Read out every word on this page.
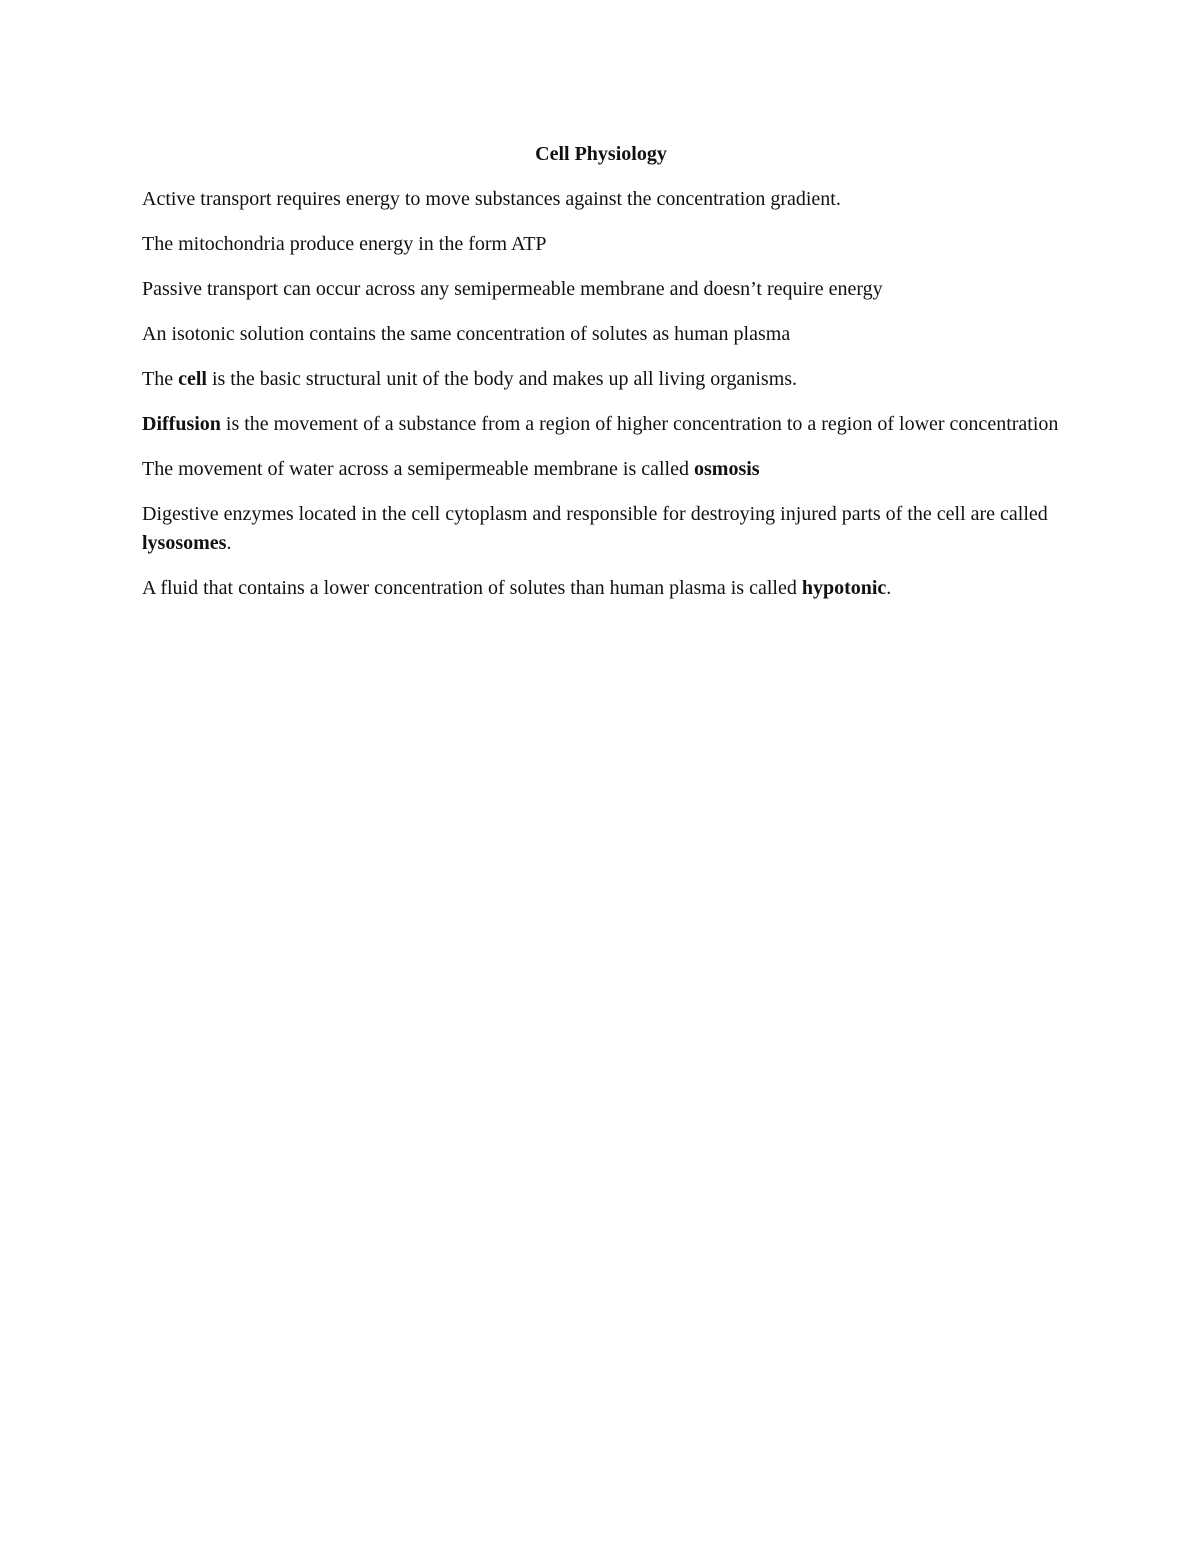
Cell Physiology

Active transport requires energy to move substances against the concentration gradient.

The mitochondria produce energy in the form ATP

Passive transport can occur across any semipermeable membrane and doesn’t require energy

An isotonic solution contains the same concentration of solutes as human plasma

The cell is the basic structural unit of the body and makes up all living organisms.

Diffusion is the movement of a substance from a region of higher concentration to a region of lower concentration

The movement of water across a semipermeable membrane is called osmosis

Digestive enzymes located in the cell cytoplasm and responsible for destroying injured parts of the cell are called lysosomes.

A fluid that contains a lower concentration of solutes than human plasma is called hypotonic.
